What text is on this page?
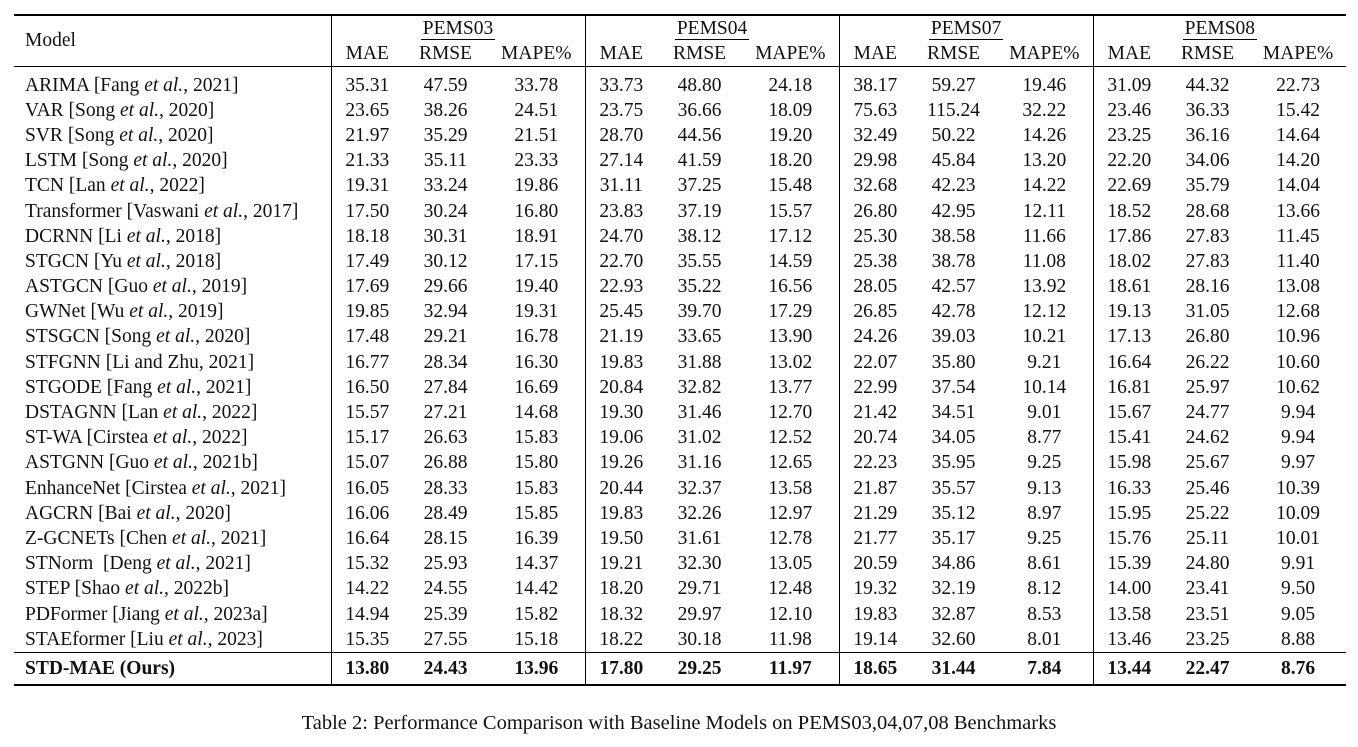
Model	PEMS03			PEMS04			PEMS07			PEMS08		
	MAE	RMSE	MAPE%	MAE	RMSE	MAPE%	MAE	RMSE	MAPE%	MAE	RMSE	MAPE%

ARIMA [Fang et al., 2021]	35.31	47.59	33.78	33.73	48.80	24.18	38.17	59.27	19.46	31.09	44.32	22.73
VAR [Song et al., 2020]	23.65	38.26	24.51	23.75	36.66	18.09	75.63	115.24	32.22	23.46	36.33	15.42
SVR [Song et al., 2020]	21.97	35.29	21.51	28.70	44.56	19.20	32.49	50.22	14.26	23.25	36.16	14.64
LSTM [Song et al., 2020]	21.33	35.11	23.33	27.14	41.59	18.20	29.98	45.84	13.20	22.20	34.06	14.20
TCN [Lan et al., 2022]	19.31	33.24	19.86	31.11	37.25	15.48	32.68	42.23	14.22	22.69	35.79	14.04
Transformer [Vaswani et al., 2017]	17.50	30.24	16.80	23.83	37.19	15.57	26.80	42.95	12.11	18.52	28.68	13.66
DCRNN [Li et al., 2018]	18.18	30.31	18.91	24.70	38.12	17.12	25.30	38.58	11.66	17.86	27.83	11.45
STGCN [Yu et al., 2018]	17.49	30.12	17.15	22.70	35.55	14.59	25.38	38.78	11.08	18.02	27.83	11.40
ASTGCN [Guo et al., 2019]	17.69	29.66	19.40	22.93	35.22	16.56	28.05	42.57	13.92	18.61	28.16	13.08
GWNet [Wu et al., 2019]	19.85	32.94	19.31	25.45	39.70	17.29	26.85	42.78	12.12	19.13	31.05	12.68
STSGCN [Song et al., 2020]	17.48	29.21	16.78	21.19	33.65	13.90	24.26	39.03	10.21	17.13	26.80	10.96
STFGNN [Li and Zhu, 2021]	16.77	28.34	16.30	19.83	31.88	13.02	22.07	35.80	9.21	16.64	26.22	10.60
STGODE [Fang et al., 2021]	16.50	27.84	16.69	20.84	32.82	13.77	22.99	37.54	10.14	16.81	25.97	10.62
DSTAGNN [Lan et al., 2022]	15.57	27.21	14.68	19.30	31.46	12.70	21.42	34.51	9.01	15.67	24.77	9.94
ST-WA [Cirstea et al., 2022]	15.17	26.63	15.83	19.06	31.02	12.52	20.74	34.05	8.77	15.41	24.62	9.94
ASTGNN [Guo et al., 2021b]	15.07	26.88	15.80	19.26	31.16	12.65	22.23	35.95	9.25	15.98	25.67	9.97
EnhanceNet [Cirstea et al., 2021]	16.05	28.33	15.83	20.44	32.37	13.58	21.87	35.57	9.13	16.33	25.46	10.39
AGCRN [Bai et al., 2020]	16.06	28.49	15.85	19.83	32.26	12.97	21.29	35.12	8.97	15.95	25.22	10.09
Z-GCNETs [Chen et al., 2021]	16.64	28.15	16.39	19.50	31.61	12.78	21.77	35.17	9.25	15.76	25.11	10.01
STNorm  [Deng et al., 2021]	15.32	25.93	14.37	19.21	32.30	13.05	20.59	34.86	8.61	15.39	24.80	9.91
STEP [Shao et al., 2022b]	14.22	24.55	14.42	18.20	29.71	12.48	19.32	32.19	8.12	14.00	23.41	9.50
PDFormer [Jiang et al., 2023a]	14.94	25.39	15.82	18.32	29.97	12.10	19.83	32.87	8.53	13.58	23.51	9.05
STAEformer [Liu et al., 2023]	15.35	27.55	15.18	18.22	30.18	11.98	19.14	32.60	8.01	13.46	23.25	8.88
STD-MAE (Ours)	13.80	24.43	13.96	17.80	29.25	11.97	18.65	31.44	7.84	13.44	22.47	8.76
Table 2: Performance Comparison with Baseline Models on PEMS03,04,07,08 Benchmarks
